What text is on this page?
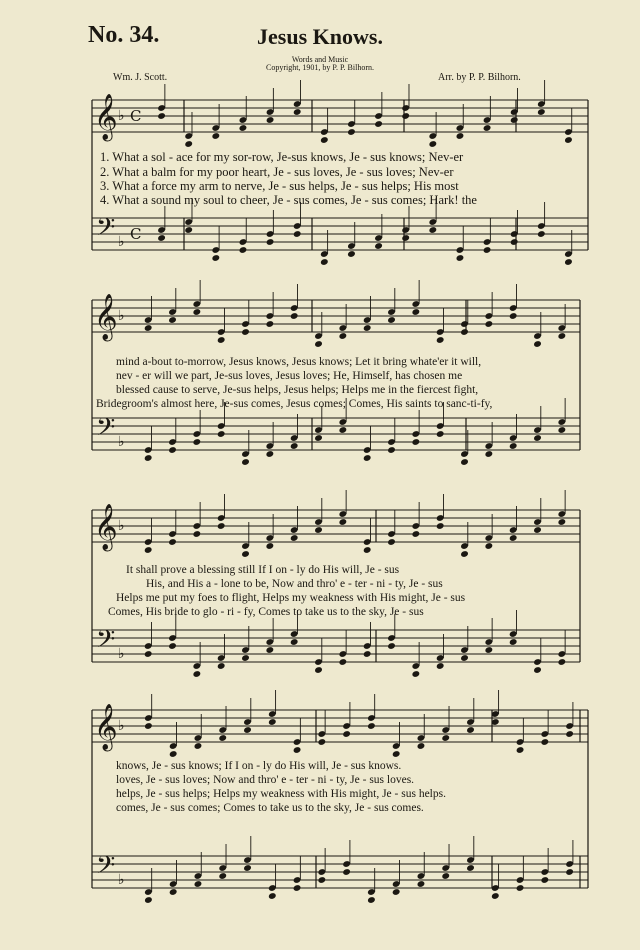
No. 34.	Jesus Knows.
Words and Music
Copyright, 1901, by P. P. Bilhorn.
Wm. J. Scott.	Arr. by P. P. Bilhorn.
𝄞
𝄢
♭
♭
C
C
𝄞
𝄢
♭
♭
𝄞
𝄢
♭
♭
𝄞
𝄢
♭
♭
1. What a sol - ace for my sor-row, Je-sus knows, Je - sus knows; Nev-er
2. What a balm for my poor heart, Je - sus loves, Je - sus loves; Nev-er
3. What a force my arm to nerve, Je - sus helps, Je - sus helps; His most
4. What a sound my soul to cheer, Je - sus comes, Je - sus comes; Hark! the
mind a-bout to-morrow, Jesus knows, Jesus knows; Let it bring whate'er it will,
nev - er will we part, Je-sus loves, Jesus loves; He, Himself, has chosen me
blessed cause to serve, Je-sus helps, Jesus helps; Helps me in the fiercest fight,
Bridegroom's almost here, Je-sus comes, Jesus comes; Comes, His saints to sanc-ti-fy,
It shall prove a blessing still If I on - ly do His will, Je - sus
His, and His a - lone to be, Now and thro' e - ter - ni - ty, Je - sus
Helps me put my foes to flight, Helps my weakness with His might, Je - sus
Comes, His bride to glo - ri - fy, Comes to take us to the sky, Je - sus
knows, Je - sus knows; If I on - ly do His will, Je - sus knows.
loves, Je - sus loves; Now and thro' e - ter - ni - ty, Je - sus loves.
helps, Je - sus helps; Helps my weakness with His might, Je - sus helps.
comes, Je - sus comes; Comes to take us to the sky, Je - sus comes.
